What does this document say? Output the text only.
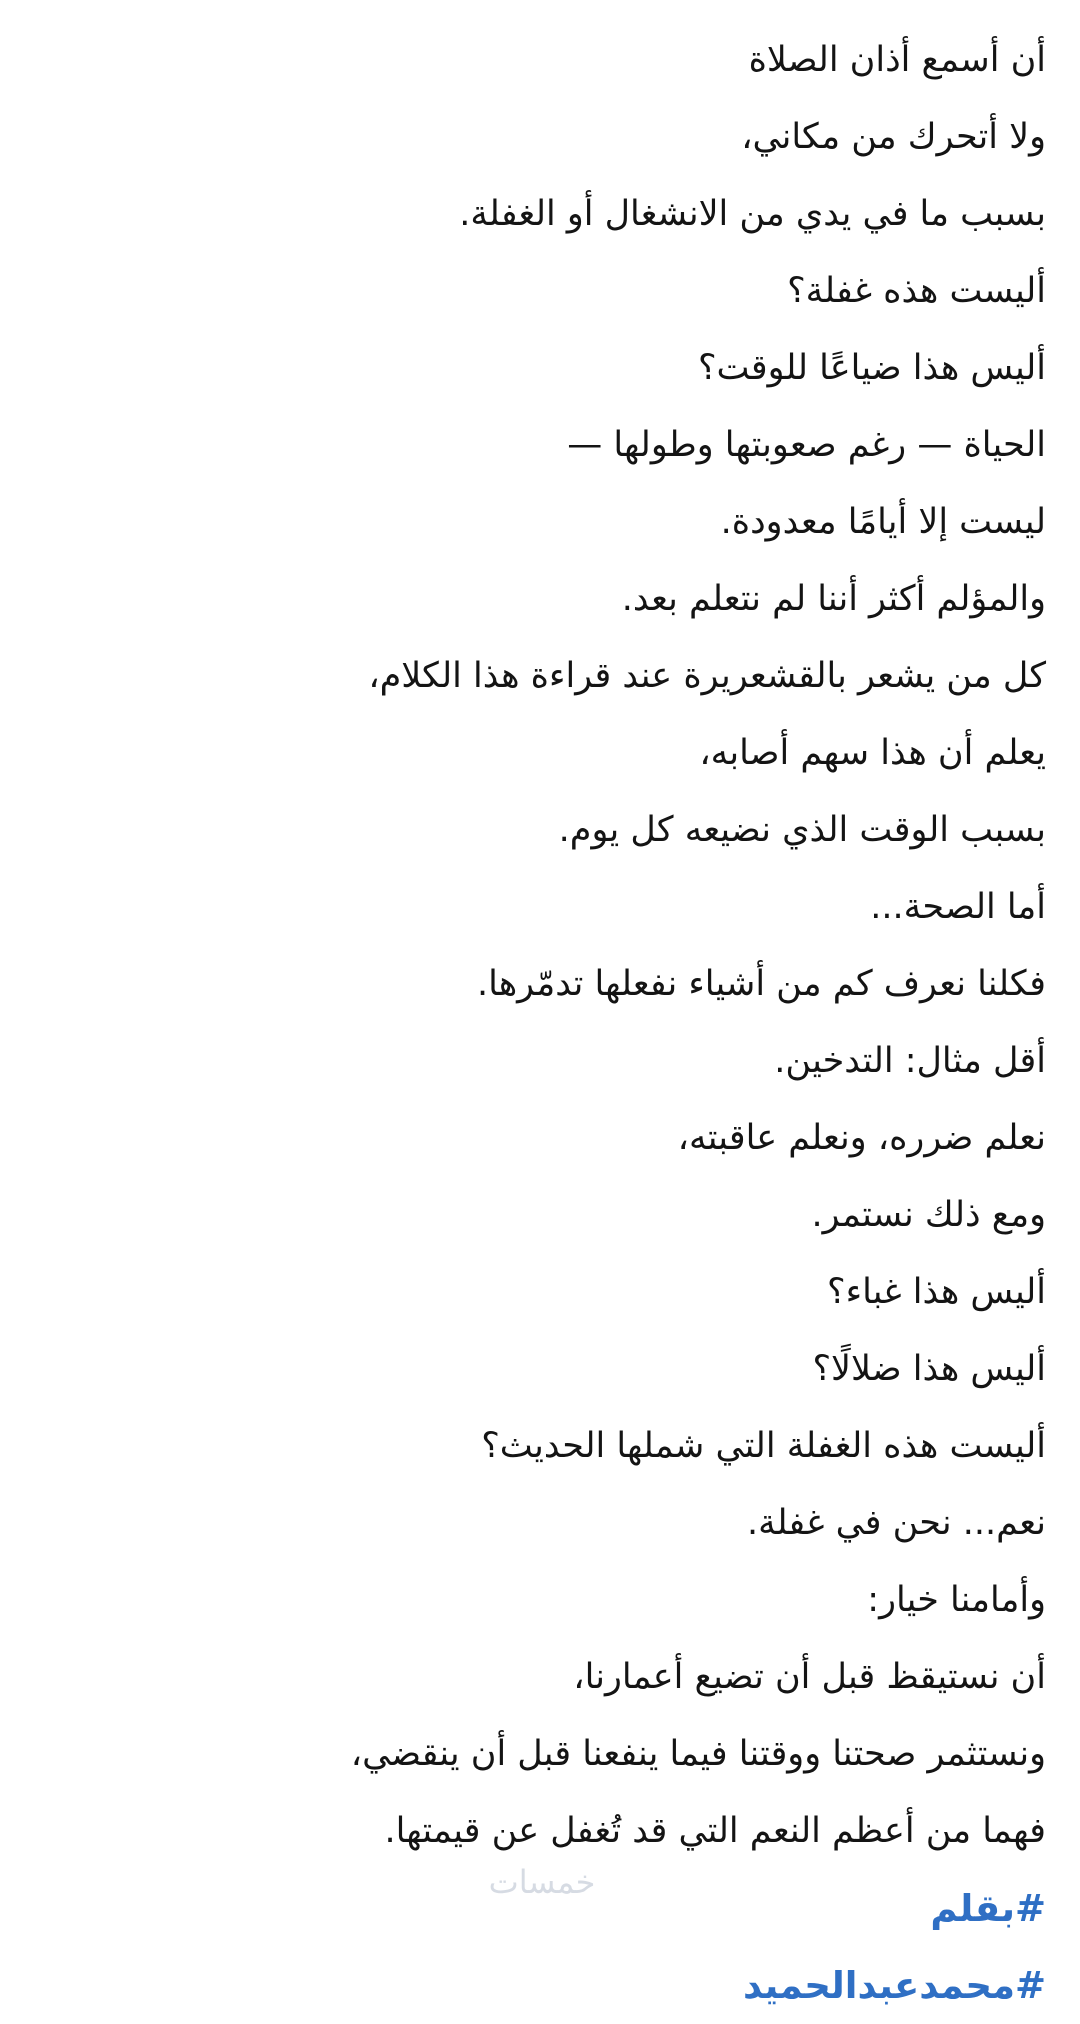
أن أسمع أذان الصلاة
ولا أتحرك من مكاني،
بسبب ما في يدي من الانشغال أو الغفلة.
أليست هذه غفلة؟
أليس هذا ضياعًا للوقت؟
الحياة — رغم صعوبتها وطولها —
ليست إلا أيامًا معدودة.
والمؤلم أكثر أننا لم نتعلم بعد.
كل من يشعر بالقشعريرة عند قراءة هذا الكلام،
يعلم أن هذا سهم أصابه،
بسبب الوقت الذي نضيعه كل يوم.
أما الصحة...
فكلنا نعرف كم من أشياء نفعلها تدمّرها.
أقل مثال: التدخين.
نعلم ضرره، ونعلم عاقبته،
ومع ذلك نستمر.
أليس هذا غباء؟
أليس هذا ضلالًا؟
أليست هذه الغفلة التي شملها الحديث؟
نعم... نحن في غفلة.
وأمامنا خيار:
أن نستيقظ قبل أن تضيع أعمارنا،
ونستثمر صحتنا ووقتنا فيما ينفعنا قبل أن ينقضي،
فهما من أعظم النعم التي قد تُغفل عن قيمتها.
#بقلم
#محمدعبدالحميد
خمسات
